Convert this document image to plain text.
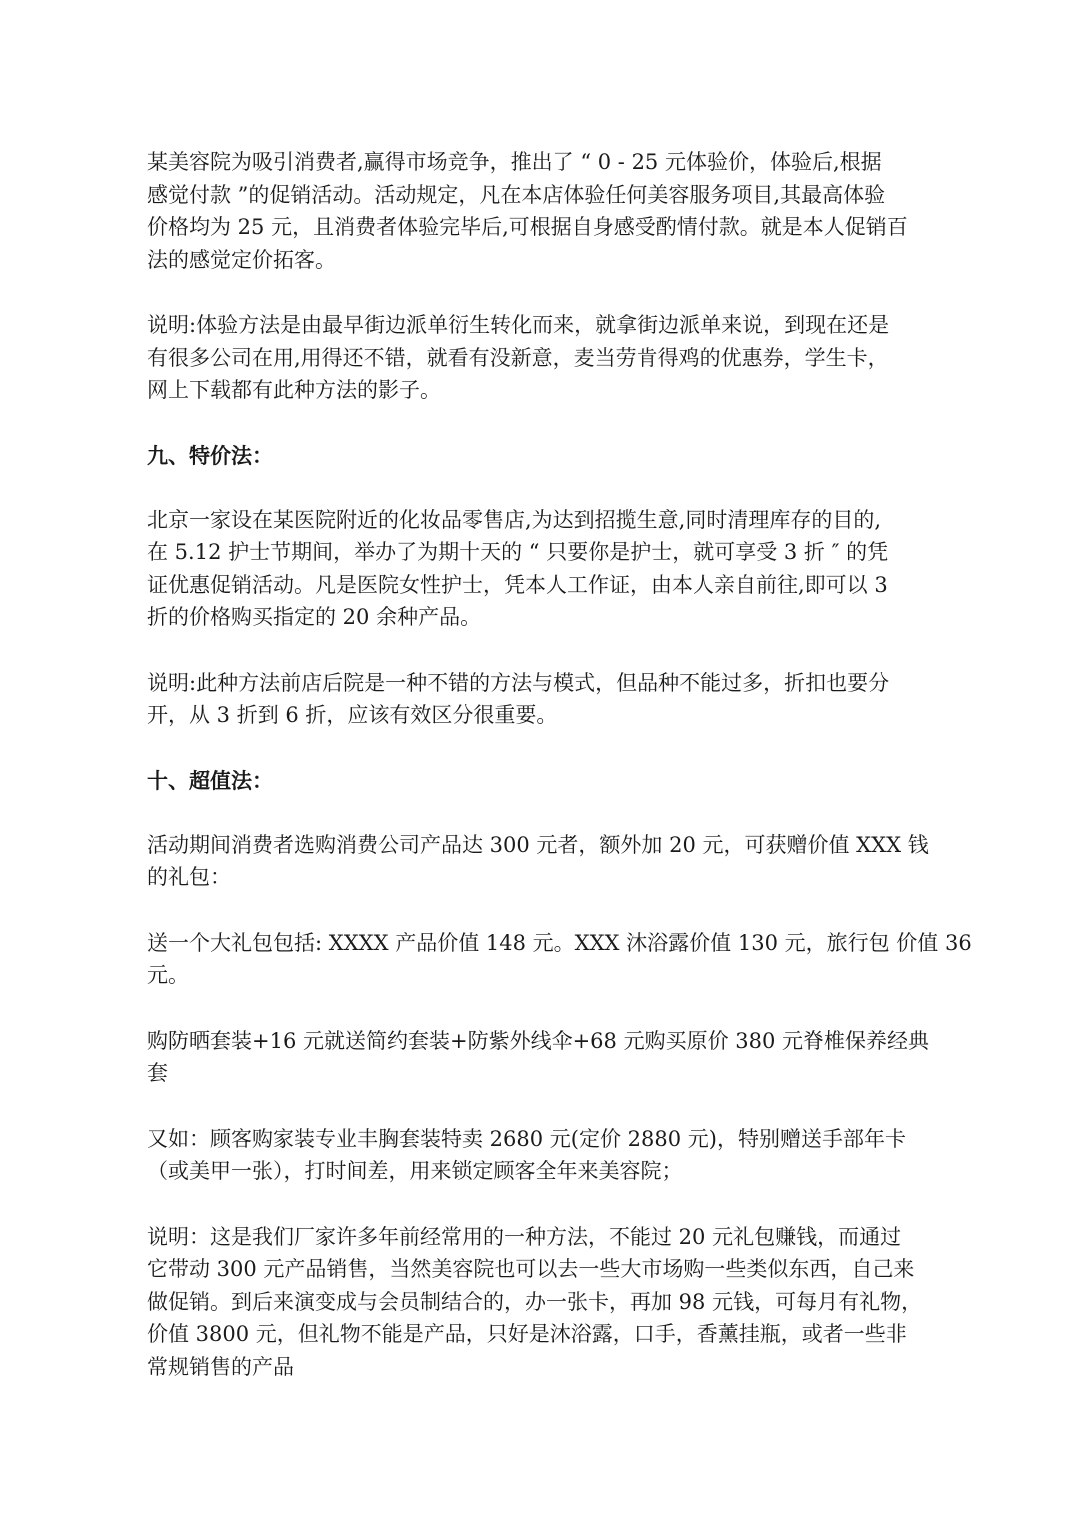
某美容院为吸引消费者,赢得市场竞争，推出了 “ 0 - 25 元体验价，体验后,根据
感觉付款 ”的促销活动。活动规定，凡在本店体验任何美容服务项目,其最高体验
价格均为 25 元，且消费者体验完毕后,可根据自身感受酌情付款。就是本人促销百
法的感觉定价拓客。
说明:体验方法是由最早街边派单衍生转化而来，就拿街边派单来说，到现在还是
有很多公司在用,用得还不错，就看有没新意，麦当劳肯得鸡的优惠券，学生卡，
网上下载都有此种方法的影子。
九、特价法：
北京一家设在某医院附近的化妆品零售店,为达到招揽生意,同时清理库存的目的,
在 5.12 护士节期间，举办了为期十天的 “ 只要你是护士，就可享受 3 折 ″ 的凭
证优惠促销活动。凡是医院女性护士，凭本人工作证，由本人亲自前往,即可以 3
折的价格购买指定的 20 余种产品。
说明:此种方法前店后院是一种不错的方法与模式，但品种不能过多，折扣也要分
开，从 3 折到 6 折，应该有效区分很重要。
十、超值法：
活动期间消费者选购消费公司产品达 300 元者，额外加 20 元，可获赠价值 XXX 钱
的礼包：
送一个大礼包包括: XXXX 产品价值 148 元。XXX 沐浴露价值 130 元，旅行包 价值 36
元。
购防晒套装+16 元就送简约套装+防紫外线伞+68 元购买原价 380 元脊椎保养经典
套
又如：顾客购家装专业丰胸套装特卖 2680 元(定价 2880 元)，特别赠送手部年卡
（或美甲一张），打时间差，用来锁定顾客全年来美容院；
说明：这是我们厂家许多年前经常用的一种方法，不能过 20 元礼包赚钱，而通过
它带动 300 元产品销售，当然美容院也可以去一些大市场购一些类似东西，自己来
做促销。到后来演变成与会员制结合的，办一张卡，再加 98 元钱，可每月有礼物，
价值 3800 元，但礼物不能是产品，只好是沐浴露，口手，香薰挂瓶，或者一些非
常规销售的产品
